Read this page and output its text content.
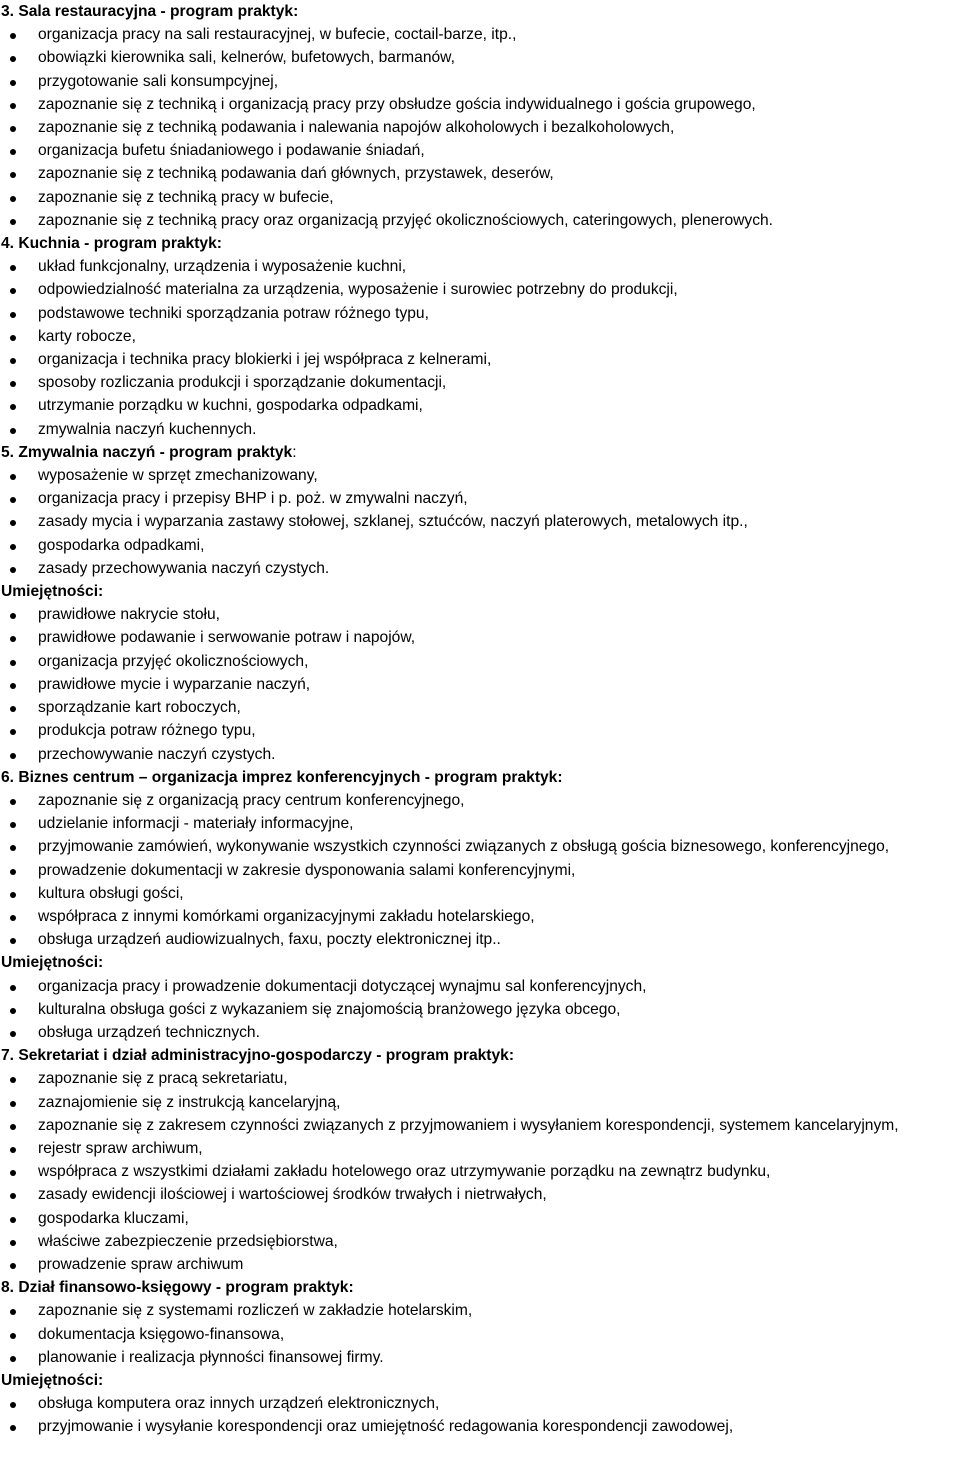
3. Sala restauracyjna - program praktyk:
organizacja pracy na sali restauracyjnej, w bufecie, coctail-barze, itp.,
obowiązki kierownika sali, kelnerów, bufetowych, barmanów,
przygotowanie sali konsumpcyjnej,
zapoznanie się z techniką i organizacją pracy przy obsłudze gościa indywidualnego i gościa grupowego,
zapoznanie się z techniką podawania i nalewania napojów alkoholowych i bezalkoholowych,
organizacja bufetu śniadaniowego i podawanie śniadań,
zapoznanie się z techniką podawania dań głównych, przystawek, deserów,
zapoznanie się z techniką pracy w bufecie,
zapoznanie się z techniką pracy oraz organizacją przyjęć okolicznościowych, cateringowych, plenerowych.
4. Kuchnia - program praktyk:
układ funkcjonalny, urządzenia i wyposażenie kuchni,
odpowiedzialność materialna za urządzenia, wyposażenie i surowiec potrzebny do produkcji,
podstawowe techniki sporządzania potraw różnego typu,
karty robocze,
organizacja i technika pracy blokierki i jej współpraca z kelnerami,
sposoby rozliczania produkcji i sporządzanie dokumentacji,
utrzymanie porządku w kuchni, gospodarka odpadkami,
zmywalnia naczyń kuchennych.
5. Zmywalnia naczyń - program praktyk:
wyposażenie w sprzęt zmechanizowany,
organizacja pracy i przepisy BHP i p. poż. w zmywalni naczyń,
zasady mycia i wyparzania zastawy stołowej, szklanej, sztućców, naczyń platerowych, metalowych itp.,
gospodarka odpadkami,
zasady przechowywania naczyń czystych.
Umiejętności:
prawidłowe nakrycie stołu,
prawidłowe podawanie i serwowanie potraw i napojów,
organizacja przyjęć okolicznościowych,
prawidłowe mycie i wyparzanie naczyń,
sporządzanie kart roboczych,
produkcja potraw różnego typu,
przechowywanie naczyń czystych.
6. Biznes centrum – organizacja imprez konferencyjnych - program praktyk:
zapoznanie się z organizacją pracy centrum konferencyjnego,
udzielanie informacji - materiały informacyjne,
przyjmowanie zamówień, wykonywanie wszystkich czynności związanych z obsługą gościa biznesowego, konferencyjnego,
prowadzenie dokumentacji w zakresie dysponowania salami konferencyjnymi,
kultura obsługi gości,
współpraca z innymi komórkami organizacyjnymi zakładu hotelarskiego,
obsługa urządzeń audiowizualnych, faxu, poczty elektronicznej itp..
Umiejętności:
organizacja pracy i prowadzenie dokumentacji dotyczącej wynajmu sal konferencyjnych,
kulturalna obsługa gości z wykazaniem się znajomością branżowego języka obcego,
obsługa urządzeń technicznych.
7. Sekretariat i dział administracyjno-gospodarczy - program praktyk:
zapoznanie się z pracą sekretariatu,
zaznajomienie się z instrukcją kancelaryjną,
zapoznanie się z zakresem czynności związanych z przyjmowaniem i wysyłaniem korespondencji, systemem kancelaryjnym,
rejestr spraw archiwum,
współpraca z wszystkimi działami zakładu hotelowego oraz utrzymywanie porządku na zewnątrz budynku,
zasady ewidencji ilościowej i wartościowej środków trwałych i nietrwałych,
gospodarka kluczami,
właściwe zabezpieczenie przedsiębiorstwa,
prowadzenie spraw archiwum
8. Dział finansowo-księgowy - program praktyk:
zapoznanie się z systemami rozliczeń w zakładzie hotelarskim,
dokumentacja księgowo-finansowa,
planowanie i realizacja płynności finansowej firmy.
Umiejętności:
obsługa komputera oraz innych urządzeń elektronicznych,
przyjmowanie i wysyłanie korespondencji oraz umiejętność redagowania korespondencji zawodowej,
